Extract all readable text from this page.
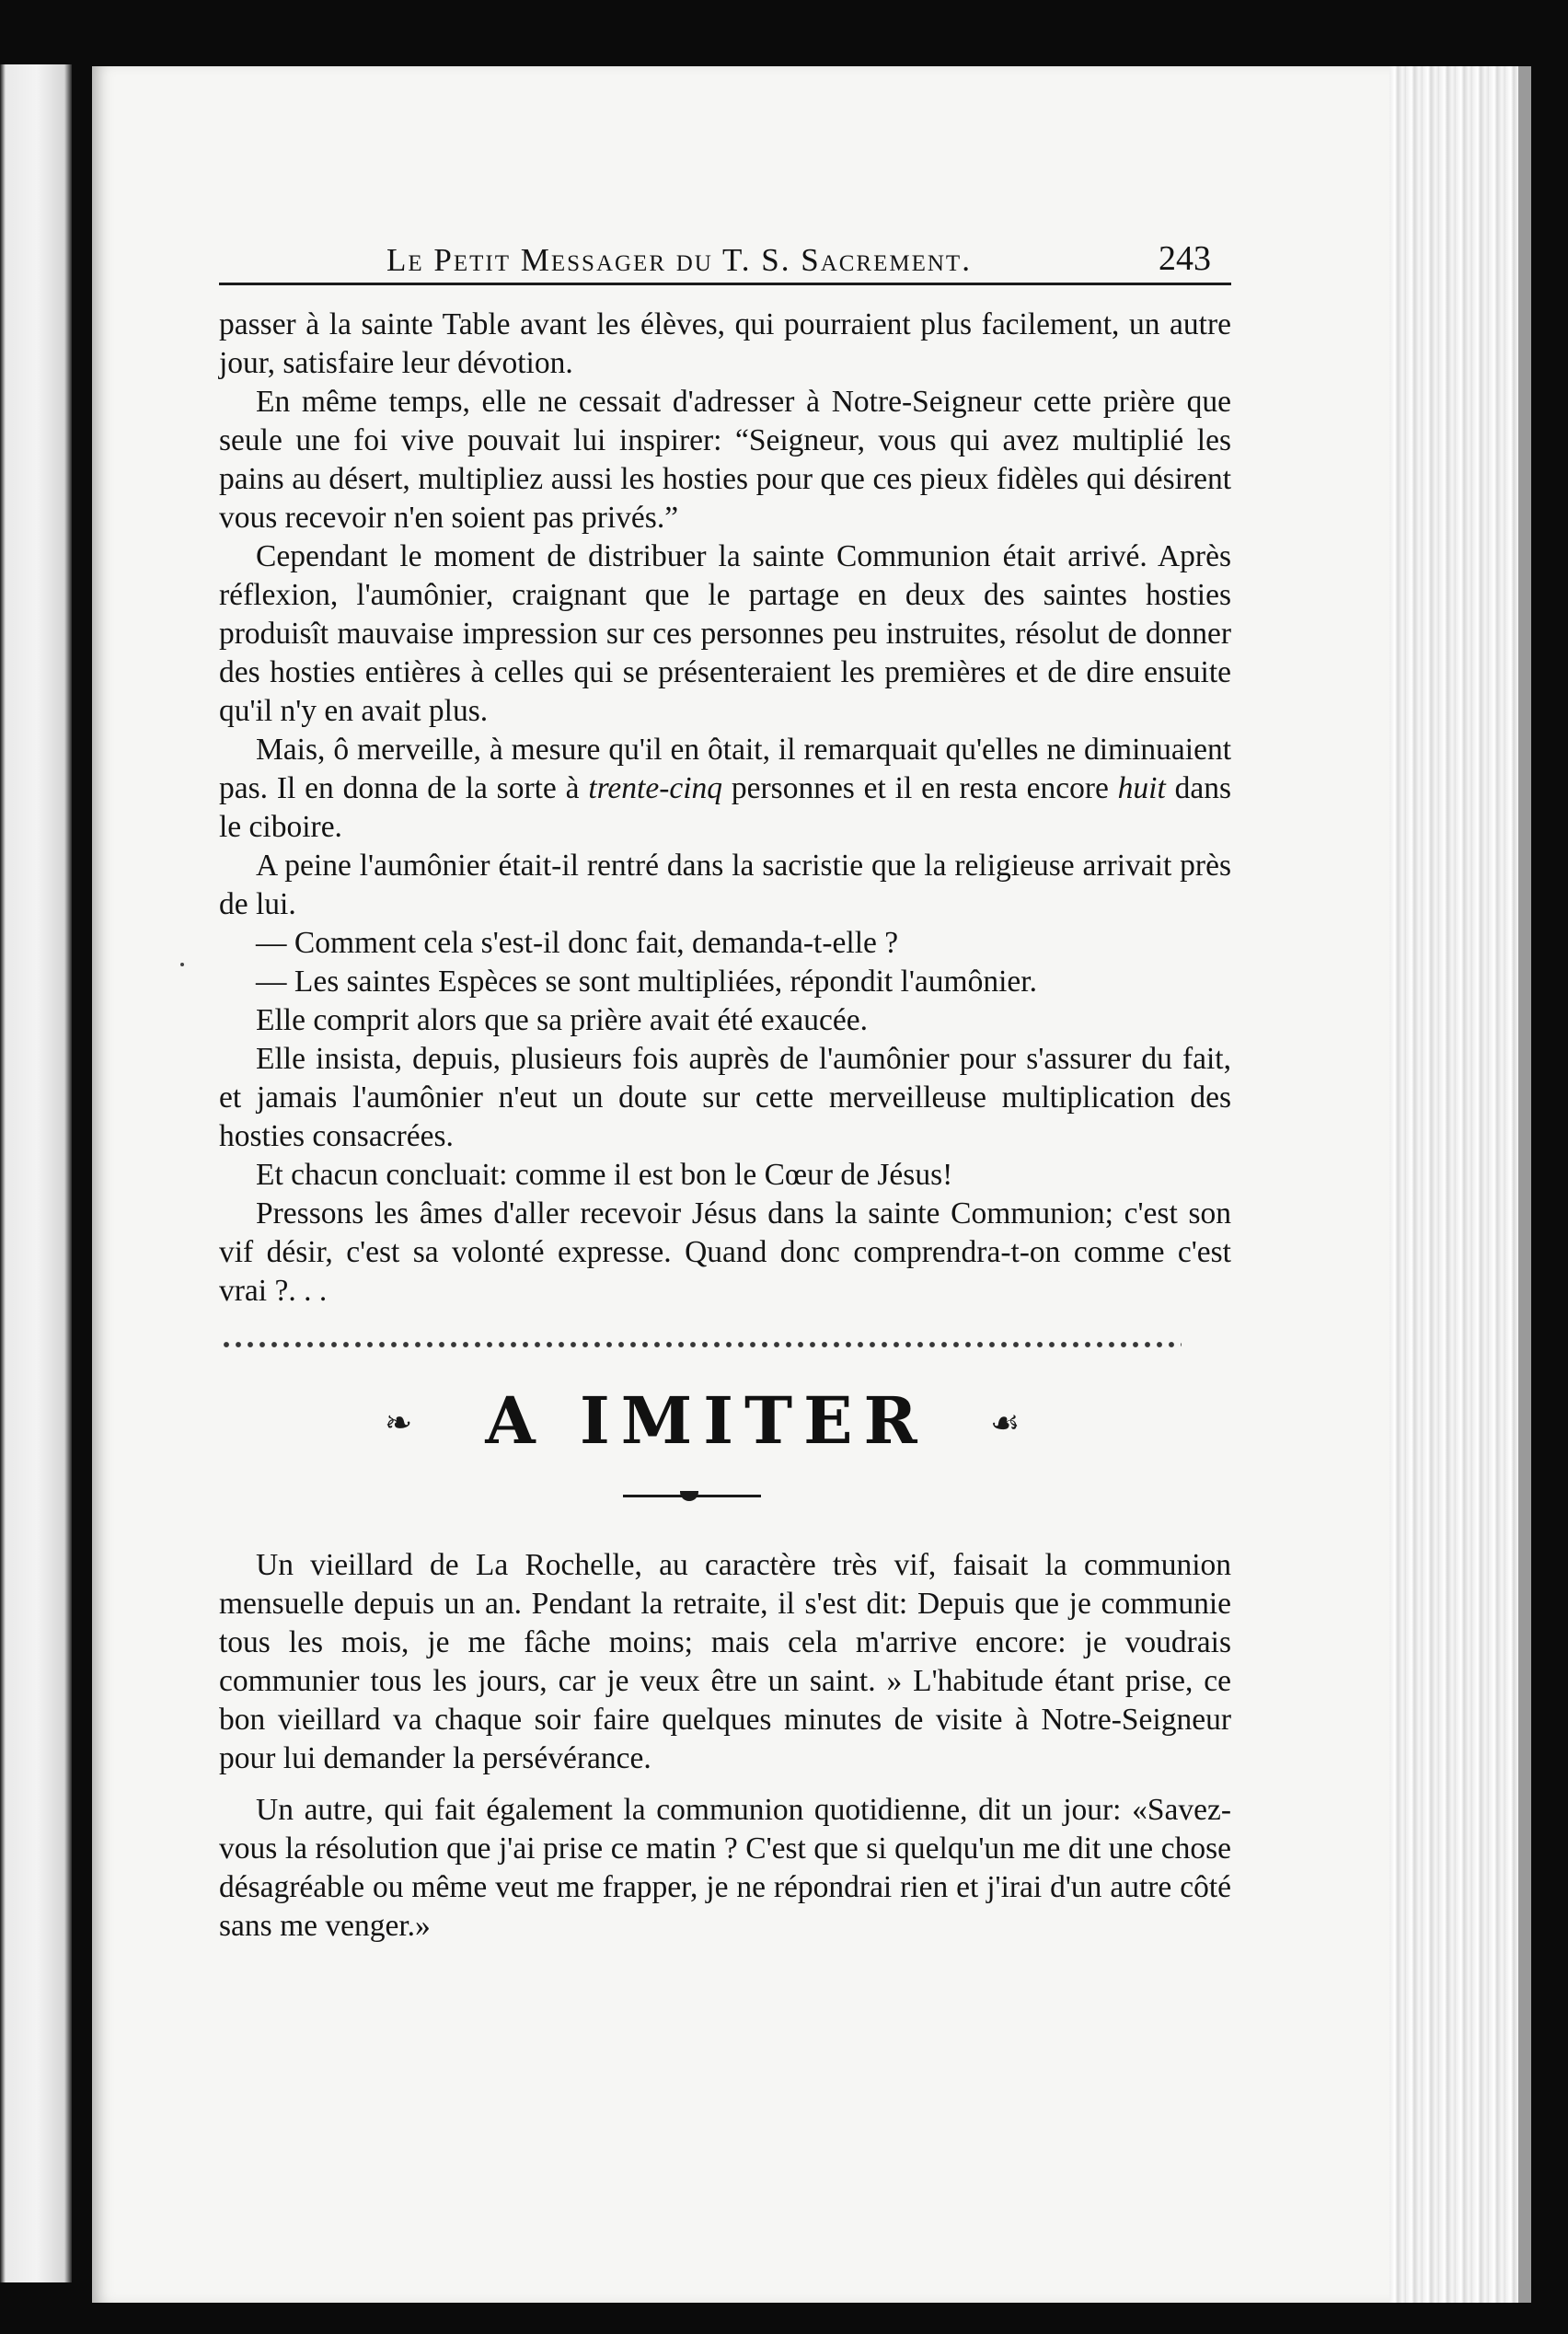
Le Petit Messager du T. S. Sacrement.	243

passer à la sainte Table avant les élèves, qui pourraient plus facilement, un autre jour, satisfaire leur dévotion.

En même temps, elle ne cessait d'adresser à Notre-Seigneur cette prière que seule une foi vive pouvait lui inspirer: “Seigneur, vous qui avez multiplié les pains au désert, multipliez aussi les hosties pour que ces pieux fidèles qui désirent vous recevoir n'en soient pas privés.”

Cependant le moment de distribuer la sainte Communion était arrivé. Après réflexion, l'aumônier, craignant que le partage en deux des saintes hosties produisît mauvaise impression sur ces personnes peu instruites, résolut de donner des hosties entières à celles qui se présenteraient les premières et de dire ensuite qu'il n'y en avait plus.

Mais, ô merveille, à mesure qu'il en ôtait, il remarquait qu'elles ne diminuaient pas. Il en donna de la sorte à trente-cinq personnes et il en resta encore huit dans le ciboire.

A peine l'aumônier était-il rentré dans la sacristie que la religieuse arrivait près de lui.

— Comment cela s'est-il donc fait, demanda-t-elle ?

— Les saintes Espèces se sont multipliées, répondit l'aumônier.

Elle comprit alors que sa prière avait été exaucée.

Elle insista, depuis, plusieurs fois auprès de l'aumônier pour s'assurer du fait, et jamais l'aumônier n'eut un doute sur cette merveilleuse multiplication des hosties consacrées.

Et chacun concluait: comme il est bon le Cœur de Jésus!

Pressons les âmes d'aller recevoir Jésus dans la sainte Communion; c'est son vif désir, c'est sa volonté expresse. Quand donc comprendra-t-on comme c'est vrai ?. . .

❧	A IMITER	☙

Un vieillard de La Rochelle, au caractère très vif, faisait la communion mensuelle depuis un an. Pendant la retraite, il s'est dit: Depuis que je communie tous les mois, je me fâche moins; mais cela m'arrive encore: je voudrais communier tous les jours, car je veux être un saint. » L'habitude étant prise, ce bon vieillard va chaque soir faire quelques minutes de visite à Notre-Seigneur pour lui demander la persévérance.

Un autre, qui fait également la communion quotidienne, dit un jour: «Savez-vous la résolution que j'ai prise ce matin ? C'est que si quelqu'un me dit une chose désagréable ou même veut me frapper, je ne répondrai rien et j'irai d'un autre côté sans me venger.»
